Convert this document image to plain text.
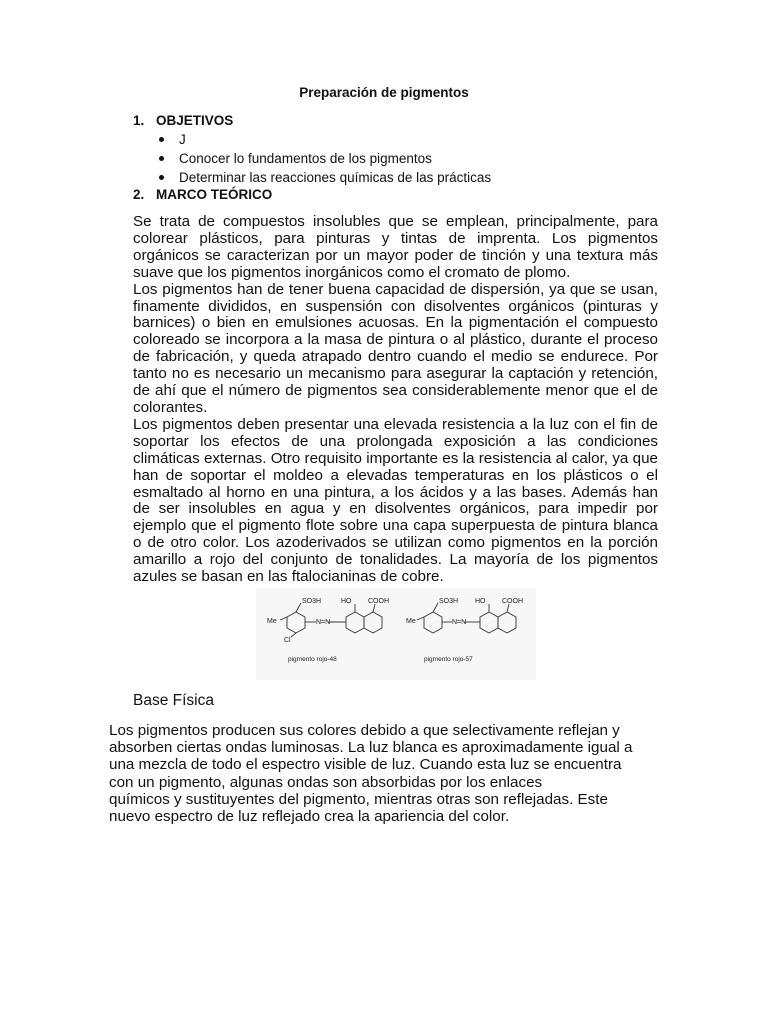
Preparación de pigmentos
1. OBJETIVOS
J
Conocer lo fundamentos de los pigmentos
Determinar las reacciones químicas de las prácticas
2. MARCO TEÓRICO

Se trata de compuestos insolubles que se emplean, principalmente, para colorear plásticos, para pinturas y tintas de imprenta. Los pigmentos orgánicos se caracterizan por un mayor poder de tinción y una textura más suave que los pigmentos inorgánicos como el cromato de plomo.

Los pigmentos han de tener buena capacidad de dispersión, ya que se usan, finamente divididos, en suspensión con disolventes orgánicos (pinturas y barnices) o bien en emulsiones acuosas. En la pigmentación el compuesto coloreado se incorpora a la masa de pintura o al plástico, durante el proceso de fabricación, y queda atrapado dentro cuando el medio se endurece. Por tanto no es necesario un mecanismo para asegurar la captación y retención, de ahí que el número de pigmentos sea considerablemente menor que el de colorantes.

Los pigmentos deben presentar una elevada resistencia a la luz con el fin de soportar los efectos de una prolongada exposición a las condiciones climáticas externas. Otro requisito importante es la resistencia al calor, ya que han de soportar el moldeo a elevadas temperaturas en los plásticos o el esmaltado al horno en una pintura, a los ácidos y a las bases. Además han de ser insolubles en agua y en disolventes orgánicos, para impedir por ejemplo que el pigmento flote sobre una capa superpuesta de pintura blanca o de otro color. Los azoderivados se utilizan como pigmentos en la porción amarillo a rojo del conjunto de tonalidades. La mayoría de los pigmentos azules se basan en las ftalocianinas de cobre.

SO3H	HO COOH
Me
Cl
N=N
pigmento rojo-48
SO3H HO COOH
Me	N=N
pigmento rojo-57
Base Física
Los pigmentos producen sus colores debido a que selectivamente reflejan y
absorben ciertas ondas luminosas. La luz blanca es aproximadamente igual a
una mezcla de todo el espectro visible de luz. Cuando esta luz se encuentra
con un pigmento, algunas ondas son absorbidas por los enlaces
químicos y sustituyentes del pigmento, mientras otras son reflejadas. Este
nuevo espectro de luz reflejado crea la apariencia del color.
